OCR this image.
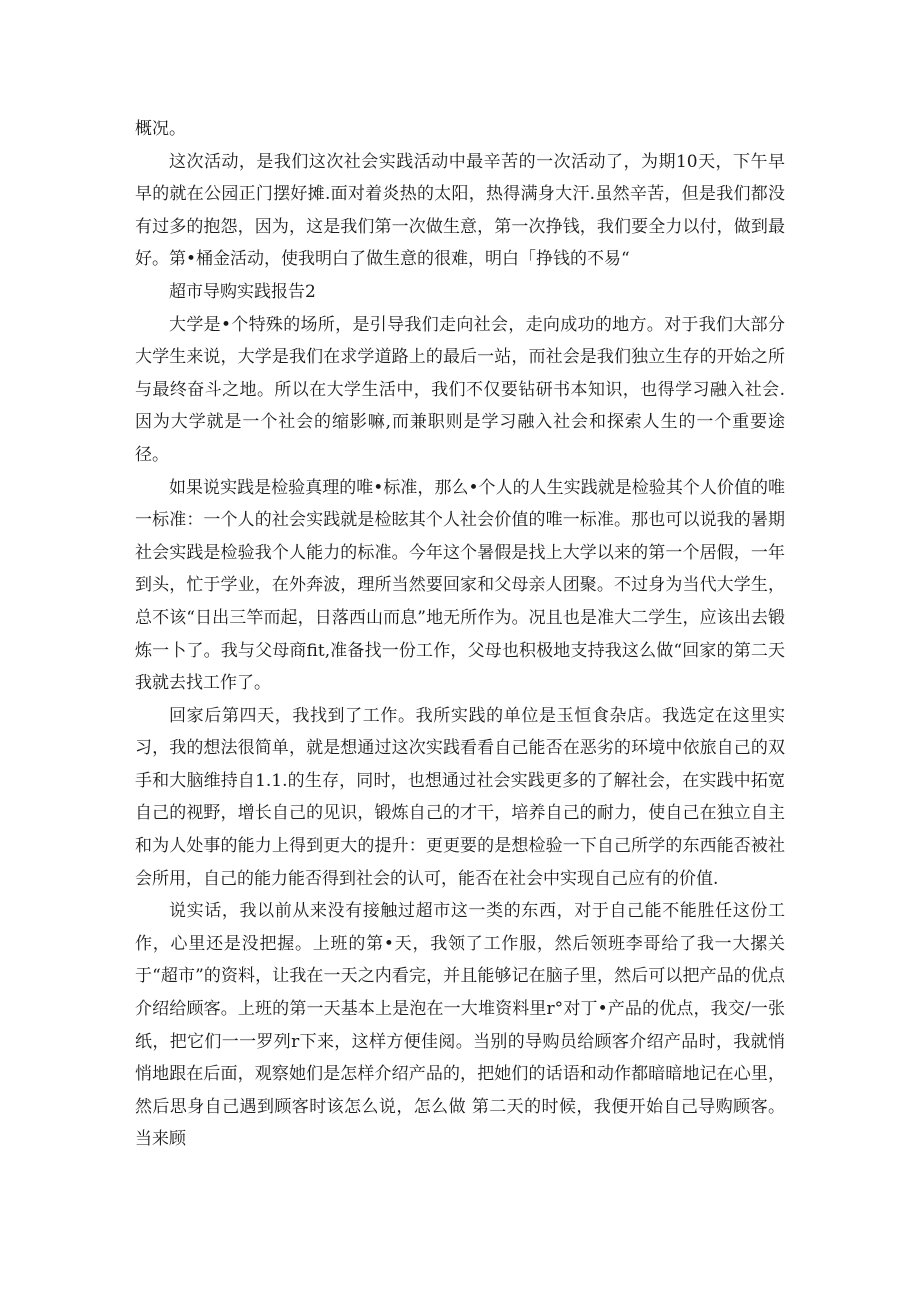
概况。

这次活动，是我们这次社会实践活动中最辛苦的一次活动了，为期10天，下午早早的就在公园正门摆好摊.面对着炎热的太阳，热得满身大汗.虽然辛苦，但是我们都没有过多的抱怨，因为，这是我们第一次做生意，第一次挣钱，我们要全力以付，做到最好。第•桶金活动，使我明白了做生意的很难，明白「挣钱的不易“

超市导购实践报告2

大学是•个特殊的场所，是引导我们走向社会，走向成功的地方。对于我们大部分大学生来说，大学是我们在求学道路上的最后一站，而社会是我们独立生存的开始之所与最终奋斗之地。所以在大学生活中，我们不仅要钻研书本知识，也得学习融入社会.因为大学就是一个社会的缩影嘛,而兼职则是学习融入社会和探索人生的一个重要途径。

如果说实践是检验真理的唯•标准，那么•个人的人生实践就是检验其个人价值的唯一标准：一个人的社会实践就是检眩其个人社会价值的唯一标准。那也可以说我的暑期社会实践是检验我个人能力的标准。今年这个暑假是找上大学以来的第一个居假，一年到头，忙于学业，在外奔波，理所当然要回家和父母亲人团聚。不过身为当代大学生，总不该“日出三竿而起，日落西山而息”地无所作为。况且也是准大二学生，应该出去锻炼一卜了。我与父母商fit,准备找一份工作，父母也积极地支持我这么做“回家的第二天我就去找工作了。

回家后第四天，我找到了工作。我所实践的单位是玉恒食杂店。我选定在这里实习，我的想法很简单，就是想通过这次实践看看自己能否在恶劣的环境中依旅自己的双手和大脑维持自1.1.的生存，同时，也想通过社会实践更多的了解社会，在实践中拓宽自己的视野，增长自己的见识，锻炼自己的才干，培养自己的耐力，使自己在独立自主和为人处事的能力上得到更大的提升：更更要的是想检验一下自己所学的东西能否被社会所用，自己的能力能否得到社会的认可，能否在社会中实现自己应有的价值.

说实话，我以前从来没有接触过超市这一类的东西，对于自己能不能胜任这份工作，心里还是没把握。上班的第•天，我领了工作服，然后领班李哥给了我一大摞关于“超市”的资料，让我在一天之内看完，并且能够记在脑子里，然后可以把产品的优点介绍给顾客。上班的第一天基本上是泡在一大堆资料里r°对丁•产品的优点，我交/一张纸，把它们一一罗列r下来，这样方便佳阅。当别的导购员给顾客介绍产品时，我就悄悄地跟在后面，观察她们是怎样介绍产品的，把她们的话语和动作都暗暗地记在心里，然后思身自己遇到顾客时该怎么说，怎么做 第二天的时候，我便开始自己导购顾客。当来顾
